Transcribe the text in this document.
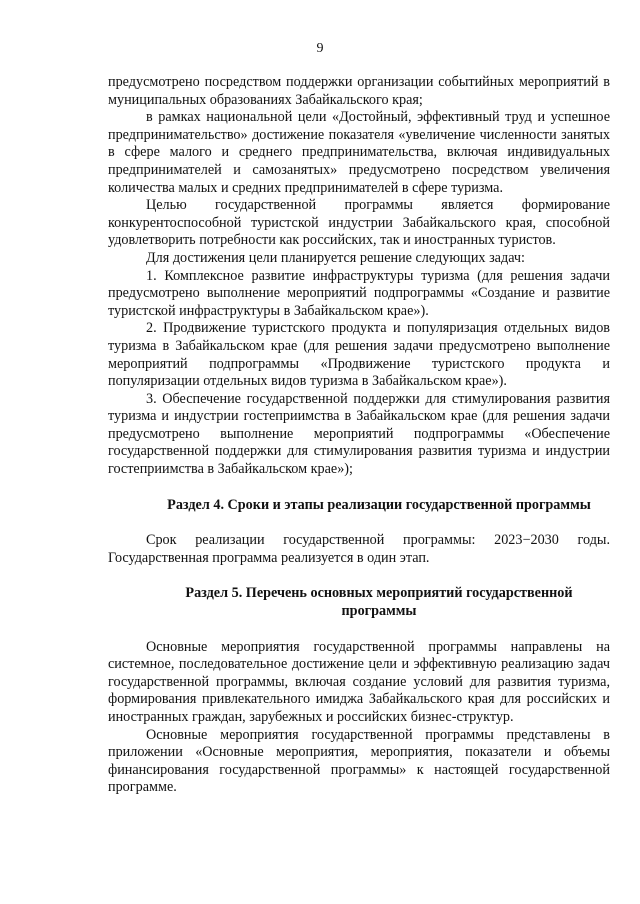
9

предусмотрено посредством поддержки организации событийных мероприятий в муниципальных образованиях Забайкальского края;

в рамках национальной цели «Достойный, эффективный труд и успешное предпринимательство» достижение показателя «увеличение численности занятых в сфере малого и среднего предпринимательства, включая индивидуальных предпринимателей и самозанятых» предусмотрено посредством увеличения количества малых и средних предпринимателей в сфере туризма.

Целью государственной программы является формирование конкурентоспособной туристской индустрии Забайкальского края, способной удовлетворить потребности как российских, так и иностранных туристов.

Для достижения цели планируется решение следующих задач:

1. Комплексное развитие инфраструктуры туризма (для решения задачи предусмотрено выполнение мероприятий подпрограммы «Создание и развитие туристской инфраструктуры в Забайкальском крае»).

2. Продвижение туристского продукта и популяризация отдельных видов туризма в Забайкальском крае (для решения задачи предусмотрено выполнение мероприятий подпрограммы «Продвижение туристского продукта и популяризации отдельных видов туризма в Забайкальском крае»).

3. Обеспечение государственной поддержки для стимулирования развития туризма и индустрии гостеприимства в Забайкальском крае (для решения задачи предусмотрено выполнение мероприятий подпрограммы «Обеспечение государственной поддержки для стимулирования развития туризма и индустрии гостеприимства в Забайкальском крае»);

Раздел 4. Сроки и этапы реализации государственной программы

Срок реализации государственной программы: 2023−2030 годы. Государственная программа реализуется в один этап.

Раздел 5. Перечень основных мероприятий государственной программы

Основные мероприятия государственной программы направлены на системное, последовательное достижение цели и эффективную реализацию задач государственной программы, включая создание условий для развития туризма, формирования привлекательного имиджа Забайкальского края для российских и иностранных граждан, зарубежных и российских бизнес-структур.

Основные мероприятия государственной программы представлены в приложении «Основные мероприятия, мероприятия, показатели и объемы финансирования государственной программы» к настоящей государственной программе.
